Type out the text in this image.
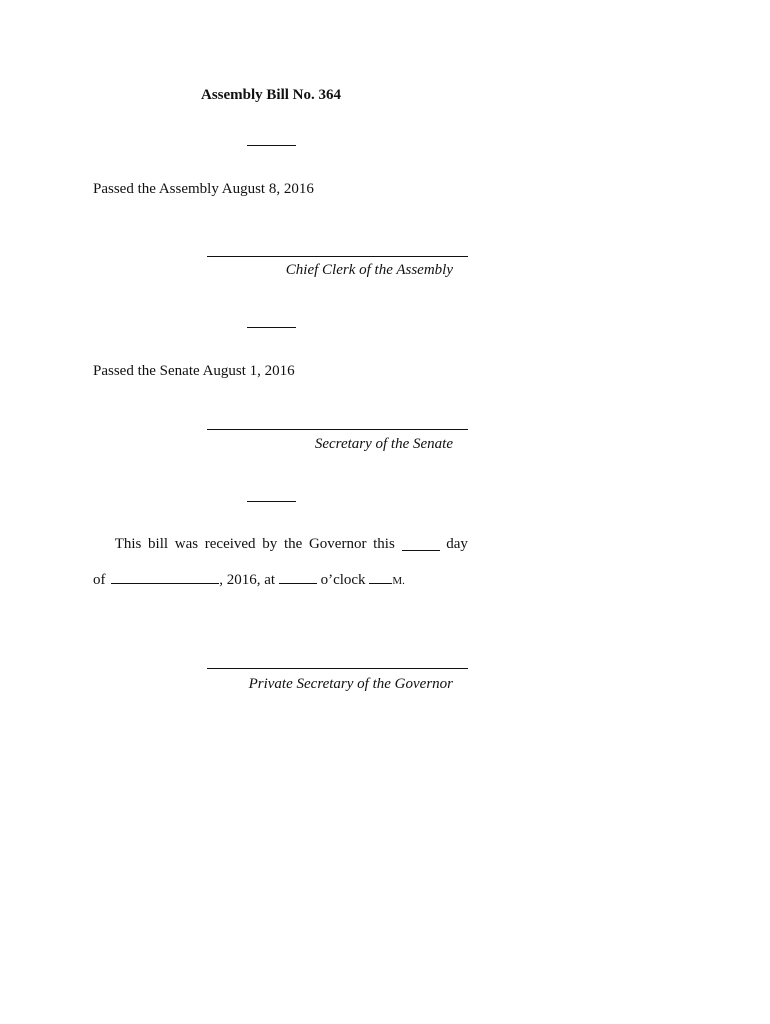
Assembly Bill No. 364
Passed the Assembly August 8, 2016
Chief Clerk of the Assembly
Passed the Senate August 1, 2016
Secretary of the Senate
This bill was received by the Governor this	day
of	, 2016, at	o’clock M.
Private Secretary of the Governor
